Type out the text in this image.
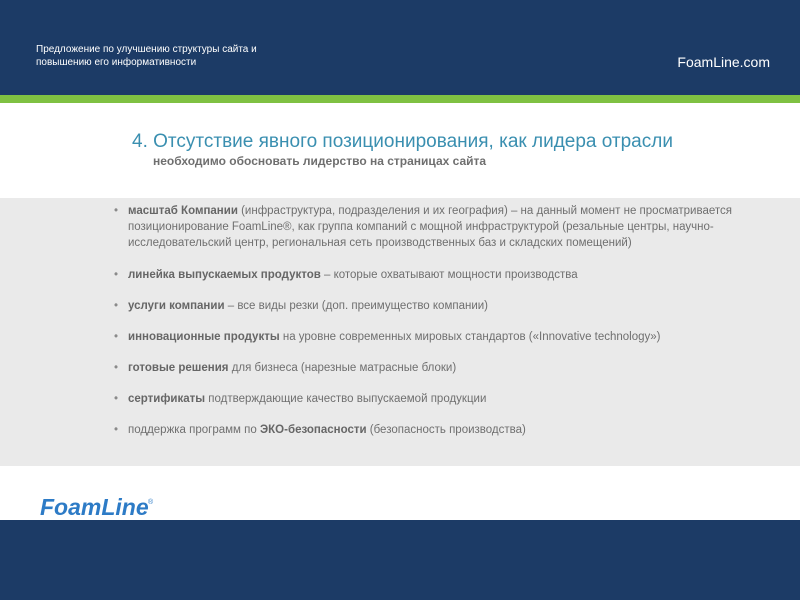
Предложение по улучшению структуры сайта и
повышению его информативности	FoamLine.com
4. Отсутствие явного позиционирования, как лидера отрасли
необходимо обосновать лидерство на страницах сайта
• масштаб Компании (инфраструктура, подразделения и их география) – на данный момент не просматривается позиционирование FoamLine®, как группа компаний с мощной инфраструктурой (резальные центры, научно-исследовательский центр, региональная сеть производственных баз и складских помещений)
• линейка выпускаемых продуктов – которые охватывают мощности производства
• услуги компании – все виды резки (доп. преимущество компании)
• инновационные продукты на уровне современных мировых стандартов («Innovative technology»)
• готовые решения для бизнеса (нарезные матрасные блоки)
• сертификаты подтверждающие качество выпускаемой продукции
• поддержка программ по ЭКО-безопасности (безопасность производства)
FoamLine ®
